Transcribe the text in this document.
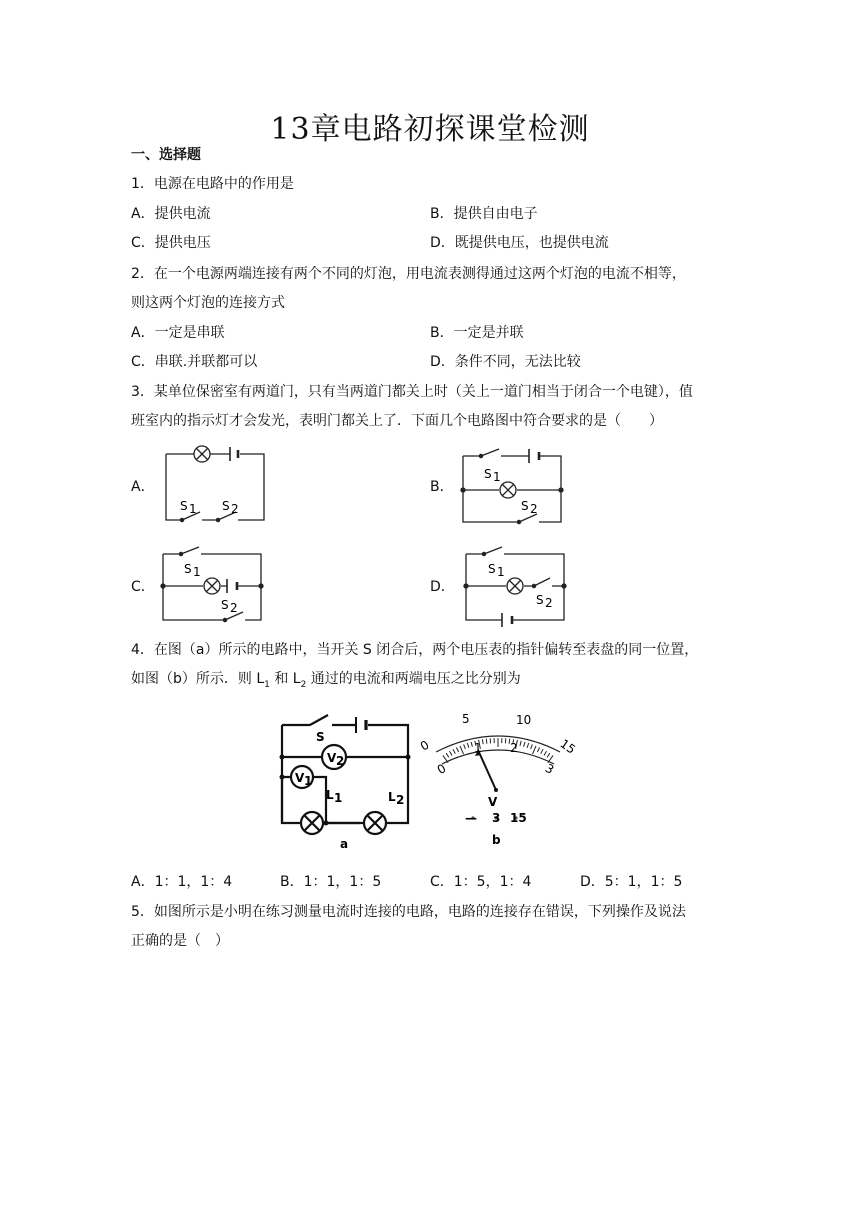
13章电路初探课堂检测
一、选择题
1．电源在电路中的作用是
A．提供电流	B．提供自由电子
C．提供电压	D．既提供电压，也提供电流
2．在一个电源两端连接有两个不同的灯泡，用电流表测得通过这两个灯泡的电流不相等，
则这两个灯泡的连接方式
A．一定是串联	B．一定是并联
C．串联.并联都可以	D．条件不同，无法比较
3．某单位保密室有两道门，只有当两道门都关上时（关上一道门相当于闭合一个电键），值
班室内的指示灯才会发光，表明门都关上了．下面几个电路图中符合要求的是（　　）
A．	B．
C．	D．
S 1 S 2
S 1
S 2
S 1
S 2
S 1
S 2
4．在图（a）所示的电路中，当开关 S 闭合后，两个电压表的指针偏转至表盘的同一位置，
如图（b）所示．则 $L_1$ 和 $L_2$ 通过的电流和两端电压之比分别为
S
V 2
V 1
L 1	L 2
a
0
5	10
15
0
1 2
3
V
— 3 15
b
A．1：1，1：4	B．1：1，1：5	C．1：5，1：4	D．5：1，1：5
5．如图所示是小明在练习测量电流时连接的电路，电路的连接存在错误，下列操作及说法
正确的是（　）
